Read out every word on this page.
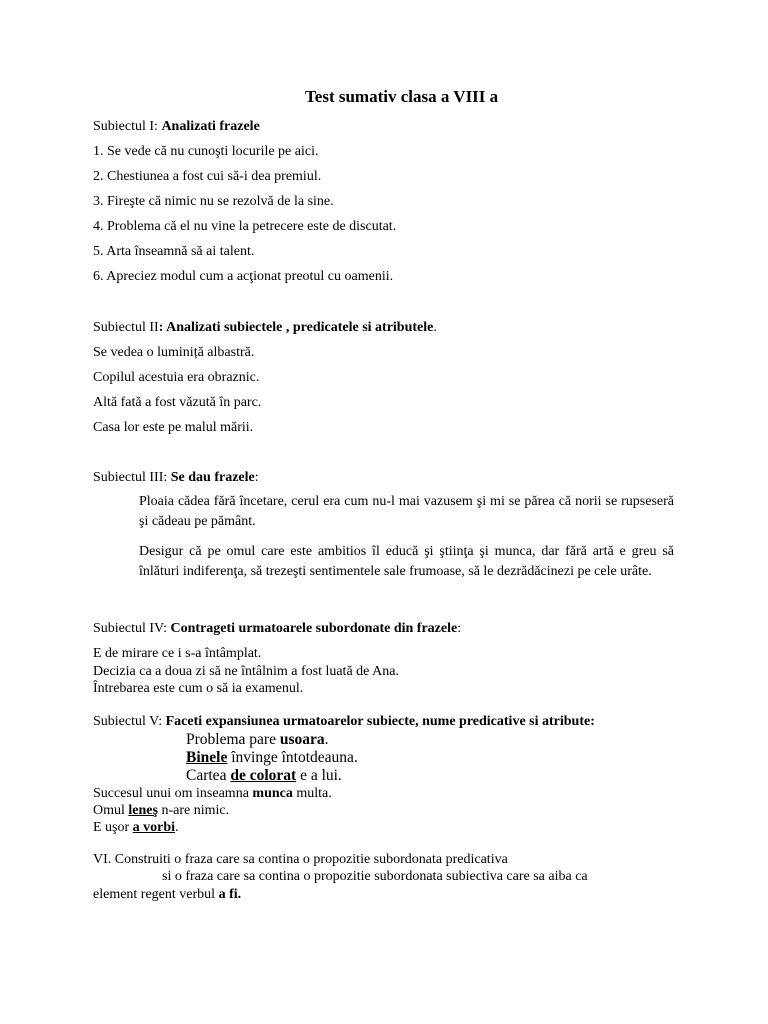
Test sumativ clasa a VIII a
Subiectul I: Analizati frazele
1. Se vede că nu cunoşti locurile pe aici.
2. Chestiunea a fost cui să-i dea premiul.
3. Fireşte că nimic nu se rezolvă de la sine.
4. Problema că el nu vine la petrecere este de discutat.
5. Arta înseamnă să ai talent.
6. Apreciez modul cum a acţionat preotul cu oamenii.
Subiectul II: Analizati subiectele , predicatele si atributele.
Se vedea o luminiță albastră.
Copilul acestuia era obraznic.
Altă fată a fost văzută în parc.
Casa lor este pe malul mării.
Subiectul III: Se dau frazele:
Ploaia cădea fără încetare, cerul era cum nu-l mai vazusem şi mi se părea că norii se rupseseră şi cădeau pe pământ.
Desigur că pe omul care este ambitios îl educă şi ştiinţa şi munca, dar fără artă e greu să înlături indiferenţa, să trezeşti sentimentele sale frumoase, să le dezrădăcinezi pe cele urâte.
Subiectul IV: Contrageti urmatoarele subordonate din frazele:
E de mirare ce i s-a întâmplat.
Decizia ca a doua zi să ne întâlnim a fost luată de Ana.
Întrebarea este cum o să ia examenul.
Subiectul V: Faceti expansiunea urmatoarelor subiecte, nume predicative si atribute:
Problema pare usoara.
Binele învinge întotdeauna.
Cartea de colorat e a lui.
Succesul unui om inseamna munca multa.
Omul leneş n-are nimic.
E uşor a vorbi.
VI. Construiti o fraza care sa contina o propozitie subordonata predicativa
si o fraza care sa contina o propozitie subordonata subiectiva care sa aiba ca
element regent verbul a fi.
